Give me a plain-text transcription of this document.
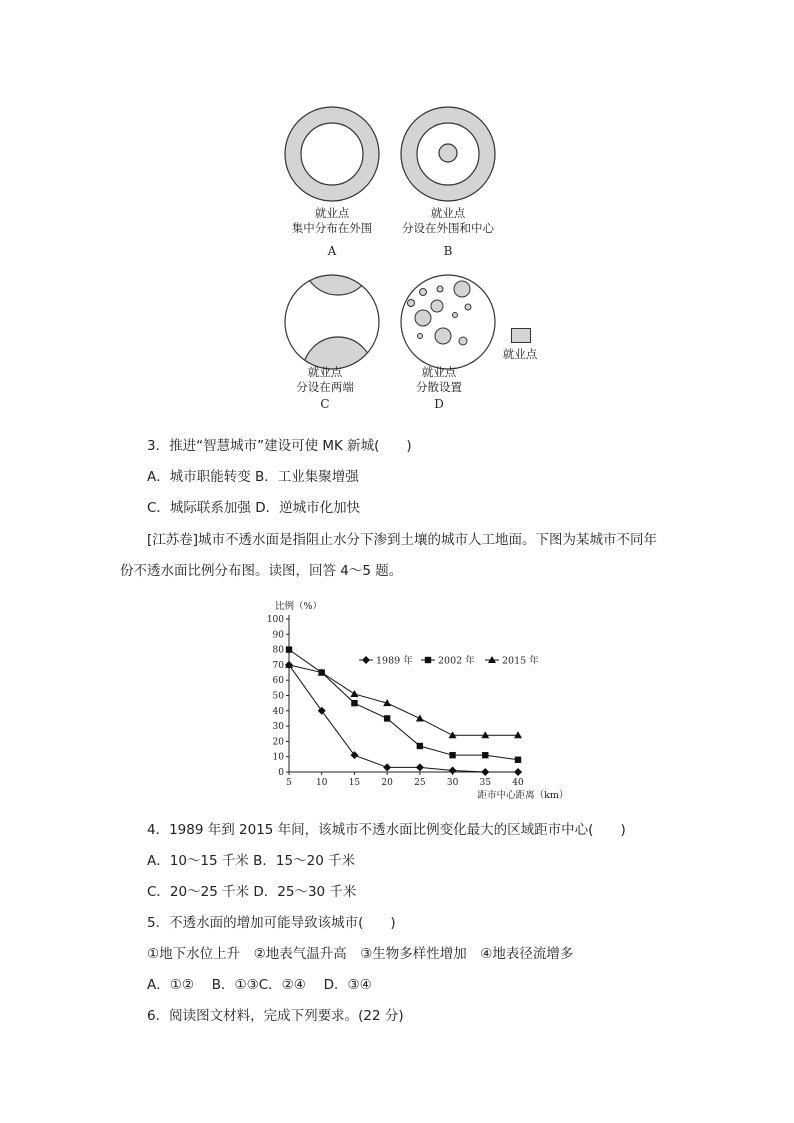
就业点
就业点
集中分布在外围
A
就业点
分设在外围和中心
B
就业点
分设在两端
C
就业点
分散设置
D
3．推进“智慧城市”建设可使 MK 新城(　　)
A．城市职能转变 B．工业集聚增强
C．城际联系加强 D．逆城市化加快
[江苏卷]城市不透水面是指阻止水分下渗到土壤的城市人工地面。下图为某城市不同年
份不透水面比例分布图。读图，回答 4～5 题。
0
10
20
30
40
50
60
70
80
90
100
5	10 15 20 25 30 35 40
1989 年	2002 年	2015 年
比例（%）
距市中心距离（km）
4．1989 年到 2015 年间，该城市不透水面比例变化最大的区域距市中心(　　)
A．10～15 千米 B．15～20 千米
C．20～25 千米 D．25～30 千米
5．不透水面的增加可能导致该城市(　　)
①地下水位上升　②地表气温升高　③生物多样性增加　④地表径流增多
A．①②　 B．①③C．②④　 D．③④
6．阅读图文材料，完成下列要求。(22 分)
